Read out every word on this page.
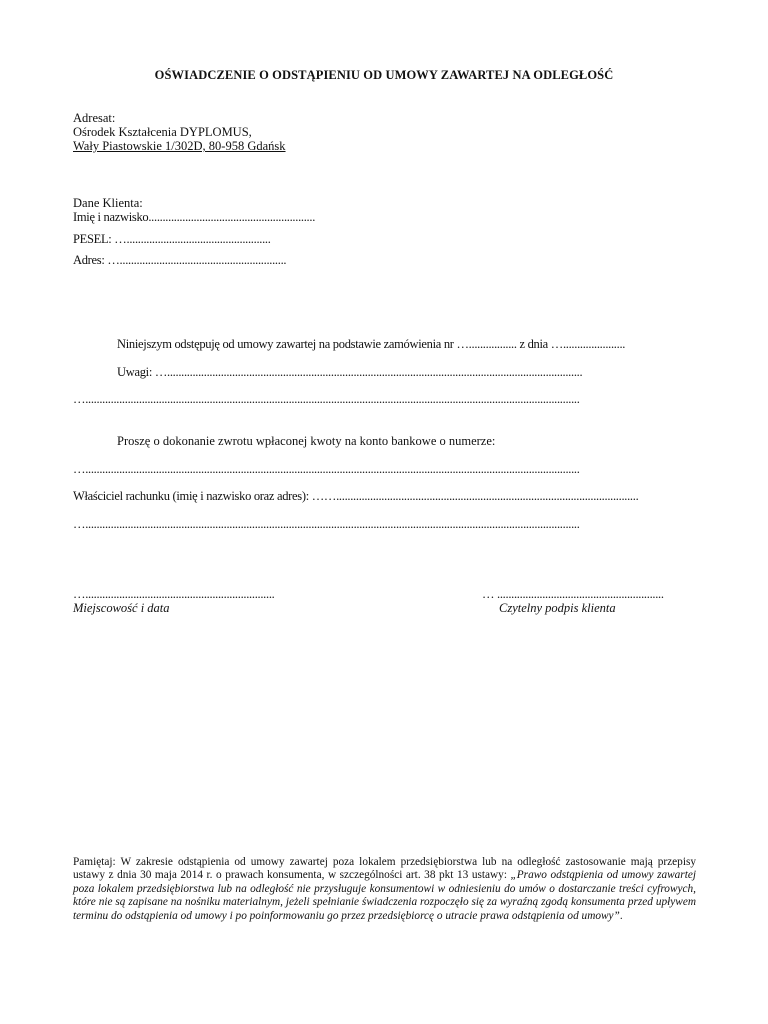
OŚWIADCZENIE O ODSTĄPIENIU OD UMOWY ZAWARTEJ NA ODLEGŁOŚĆ
Adresat:
Ośrodek Kształcenia DYPLOMUS,
Wały Piastowskie 1/302D, 80-958 Gdańsk
Dane Klienta:
Imię i nazwisko...........................................................
PESEL: …...................................................
Adres: …...........................................................
Niniejszym odstępuję od umowy zawartej na podstawie zamówienia nr …................. z dnia …......................
Uwagi: …...................................................................................................................................................
…...............................................................................................................................................................................
Proszę o dokonanie zwrotu wpłaconej kwoty na konto bankowe o numerze:
…...............................................................................................................................................................................
Właściciel rachunku (imię i nazwisko oraz adres): ……...........................................................................................................
…...............................................................................................................................................................................
…...................................................................
Miejscowość i data
… ...........................................................
Czytelny podpis klienta
Pamiętaj: W zakresie odstąpienia od umowy zawartej poza lokalem przedsiębiorstwa lub na odległość zastosowanie mają przepisy ustawy z dnia 30 maja 2014 r. o prawach konsumenta, w szczególności art. 38 pkt 13 ustawy: „Prawo odstąpienia od umowy zawartej poza lokalem przedsiębiorstwa lub na odległość nie przysługuje konsumentowi w odniesieniu do umów o dostarczanie treści cyfrowych, które nie są zapisane na nośniku materialnym, jeżeli spełnianie świadczenia rozpoczęło się za wyraźną zgodą konsumenta przed upływem terminu do odstąpienia od umowy i po poinformowaniu go przez przedsiębiorcę o utracie prawa odstąpienia od umowy”.
